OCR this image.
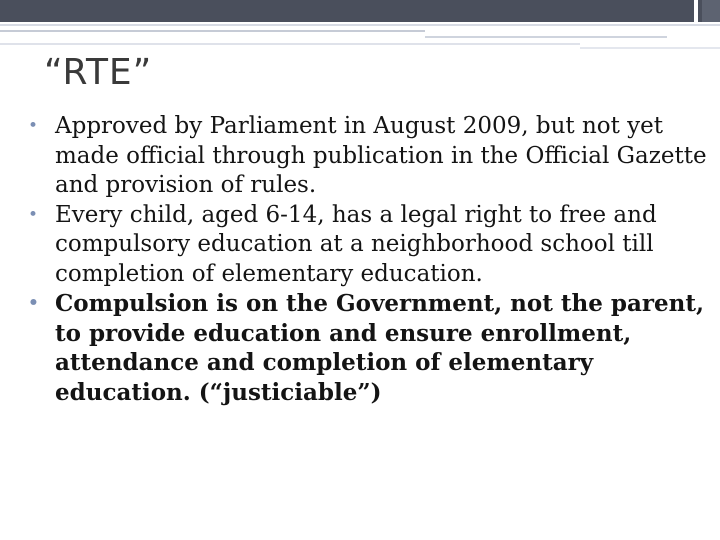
“RTE”
• Approved by Parliament in August 2009, but not yet made official through publication in the Official Gazette and provision of rules.
• Every child, aged 6-14, has a legal right to free and compulsory education at a neighborhood school till completion of elementary education.
• Compulsion is on the Government, not the parent, to provide education and ensure enrollment, attendance and completion of elementary education. (“justiciable”)
